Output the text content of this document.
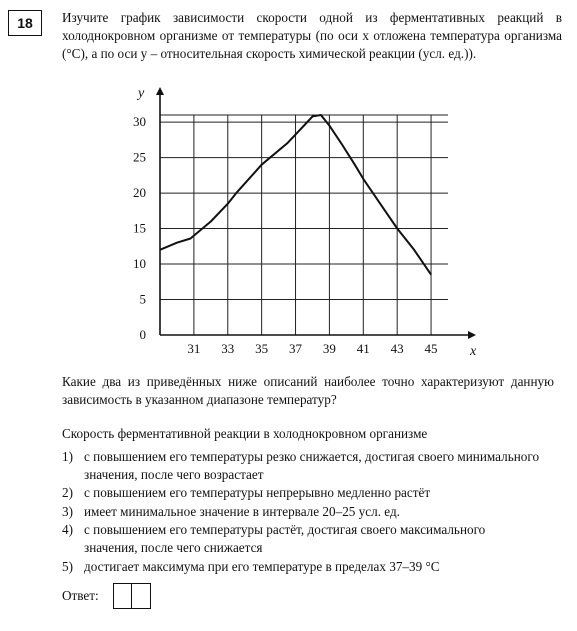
18	Изучите график зависимости скорости одной из ферментативных реакций в холоднокровном организме от температуры (по оси x отложена температура организма (°С), а по оси y – относительная скорость химической реакции (усл. ед.)).

0
5
10
15
20
25
30
31 33 35 37 39 41 43 45
y
x

Какие два из приведённых ниже описаний наиболее точно характеризуют данную зависимость в указанном диапазоне температур?

Скорость ферментативной реакции в холоднокровном организме

1) с повышением его температуры резко снижается, достигая своего минимального значения, после чего возрастает
2) с повышением его температуры непрерывно медленно растёт
3) имеет минимальное значение в интервале 20–25 усл. ед.
4) с повышением его температуры растёт, достигая своего максимального значения, после чего снижается
5) достигает максимума при его температуре в пределах 37–39 °С
Ответ:
